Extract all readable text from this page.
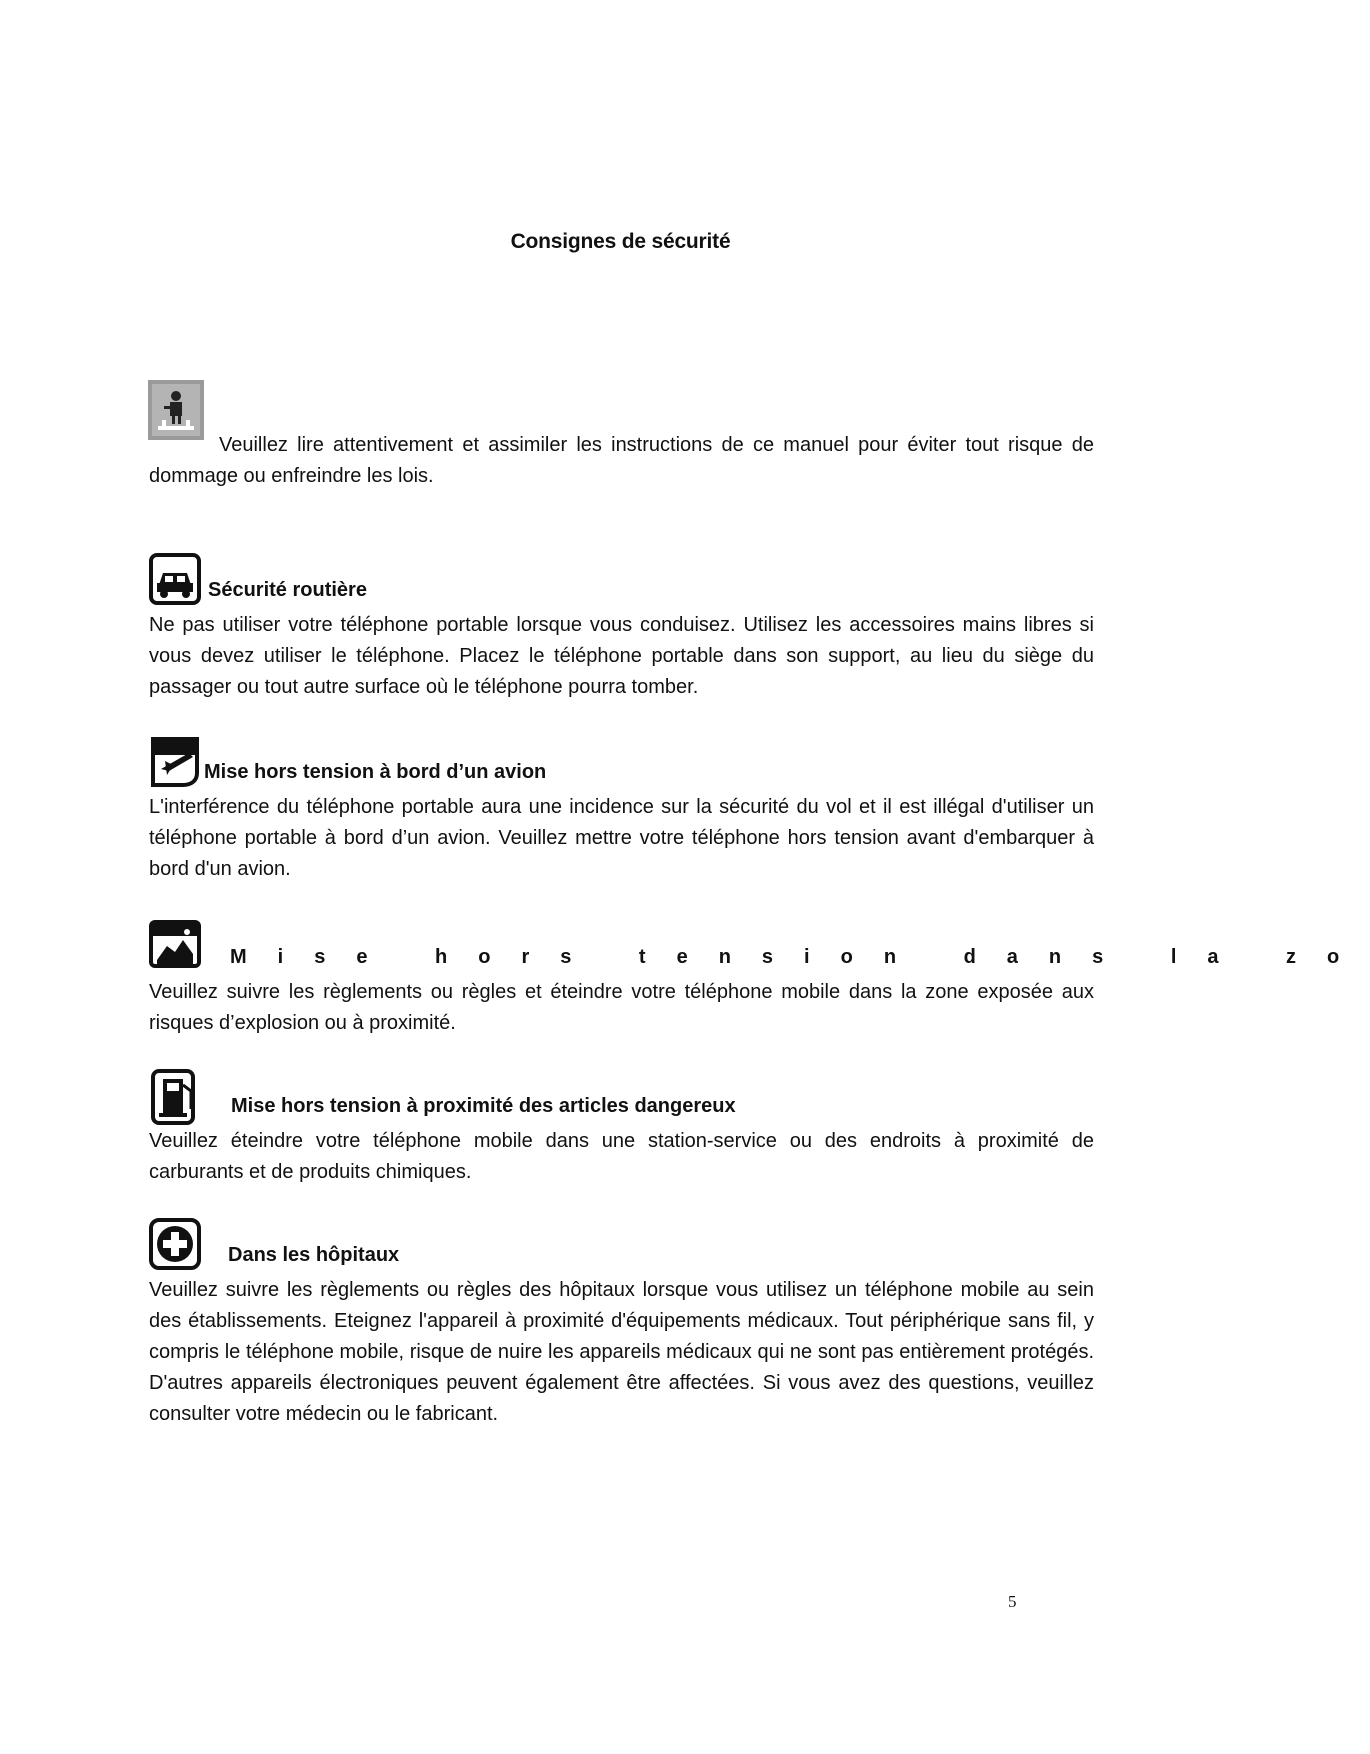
Consignes de sécurité
Veuillez lire attentivement et assimiler les instructions de ce manuel pour éviter tout risque de dommage ou enfreindre les lois.
Sécurité routière
Ne pas utiliser votre téléphone portable lorsque vous conduisez. Utilisez les accessoires mains libres si vous devez utiliser le téléphone. Placez le téléphone portable dans son support, au lieu du siège du passager ou tout autre surface où le téléphone pourra tomber.
Mise hors tension à bord d’un avion
L'interférence du téléphone portable aura une incidence sur la sécurité du vol et il est illégal d'utiliser un téléphone portable à bord d’un avion. Veuillez mettre votre téléphone hors tension avant d'embarquer à bord d'un avion.
Mise hors tension dans la zo
Veuillez suivre les règlements ou règles et éteindre votre téléphone mobile dans la zone exposée aux risques d’explosion ou à proximité.
Mise hors tension à proximité des articles dangereux
Veuillez éteindre votre téléphone mobile dans une station-service ou des endroits à proximité de carburants et de produits chimiques.
Dans les hôpitaux
Veuillez suivre les règlements ou règles des hôpitaux lorsque vous utilisez un téléphone mobile au sein des établissements. Eteignez l'appareil à proximité d'équipements médicaux. Tout périphérique sans fil, y compris le téléphone mobile, risque de nuire les appareils médicaux qui ne sont pas entièrement protégés. D'autres appareils électroniques peuvent également être affectées. Si vous avez des questions, veuillez consulter votre médecin ou le fabricant.
5
